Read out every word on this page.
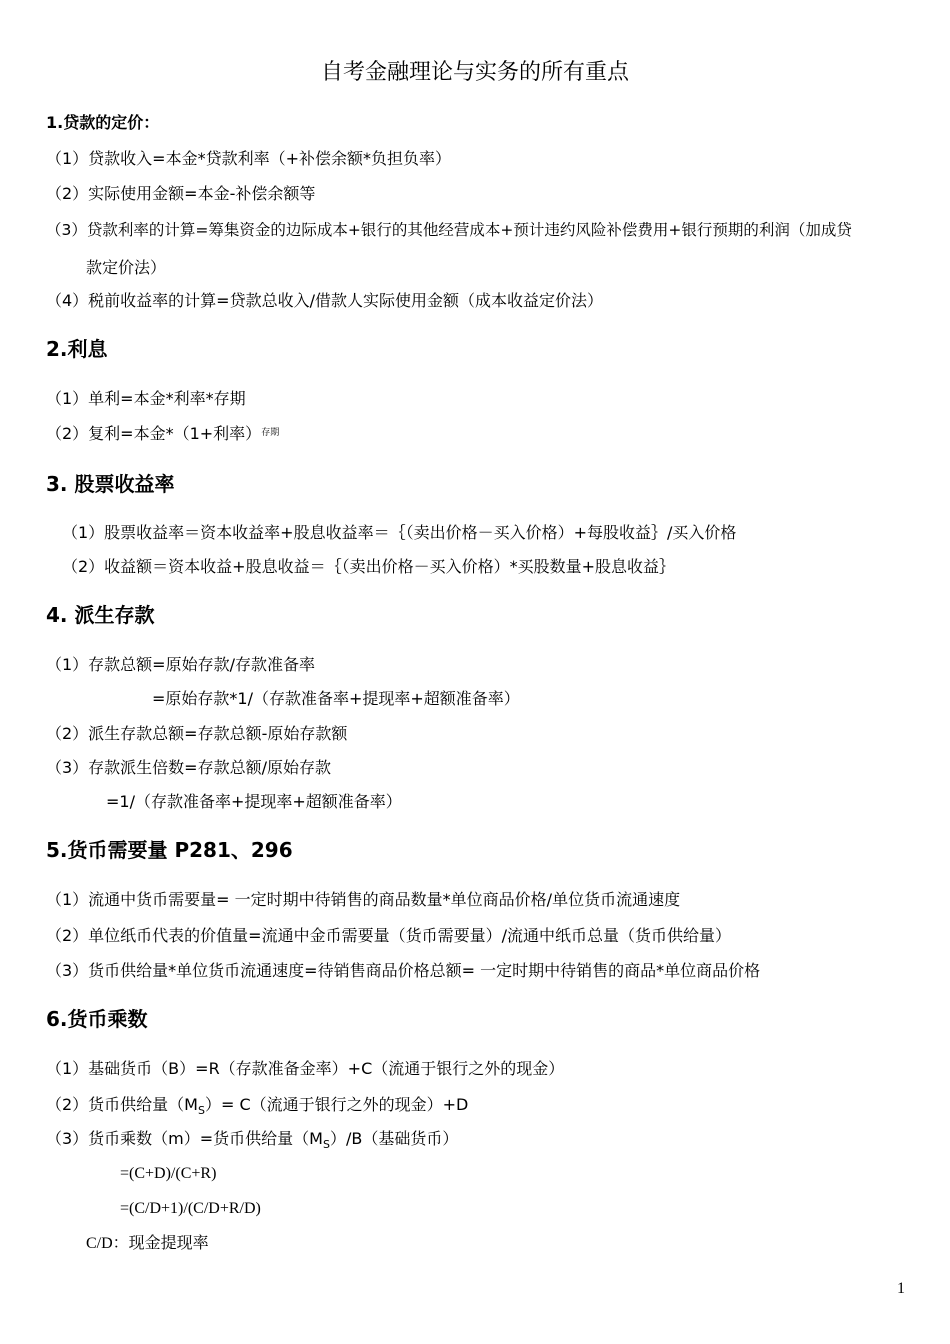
自考金融理论与实务的所有重点
1.贷款的定价：
（1）贷款收入=本金*贷款利率（+补偿余额*负担负率）
（2）实际使用金额=本金-补偿余额等
（3）贷款利率的计算=筹集资金的边际成本+银行的其他经营成本+预计违约风险补偿费用+银行预期的利润（加成贷
款定价法）
（4）税前收益率的计算=贷款总收入/借款人实际使用金额（成本收益定价法）
2.利息
（1）单利=本金*利率*存期
（2）复利=本金*（1+利率）$^{存期}$
3. 股票收益率
（1）股票收益率＝资本收益率+股息收益率＝｛（卖出价格－买入价格）+每股收益｝/买入价格
（2）收益额＝资本收益+股息收益＝｛（卖出价格－买入价格）*买股数量+股息收益｝
4. 派生存款
（1）存款总额=原始存款/存款准备率
=原始存款*1/（存款准备率+提现率+超额准备率）
（2）派生存款总额=存款总额-原始存款额
（3）存款派生倍数=存款总额/原始存款
=1/（存款准备率+提现率+超额准备率）
5.货币需要量 P281、296
（1）流通中货币需要量= 一定时期中待销售的商品数量*单位商品价格/单位货币流通速度
（2）单位纸币代表的价值量=流通中金币需要量（货币需要量）/流通中纸币总量（货币供给量）
（3）货币供给量*单位货币流通速度=待销售商品价格总额= 一定时期中待销售的商品*单位商品价格
6.货币乘数
（1）基础货币（B）=R（存款准备金率）+C（流通于银行之外的现金）
（2）货币供给量$(M_S)= C$（流通于银行之外的现金）+D
（3）货币乘数（m）=货币供给量$(M_S)/B$（基础货币）
=(C+D)/(C+R)
=(C/D+1)/(C/D+R/D)
C/D：现金提现率
1
